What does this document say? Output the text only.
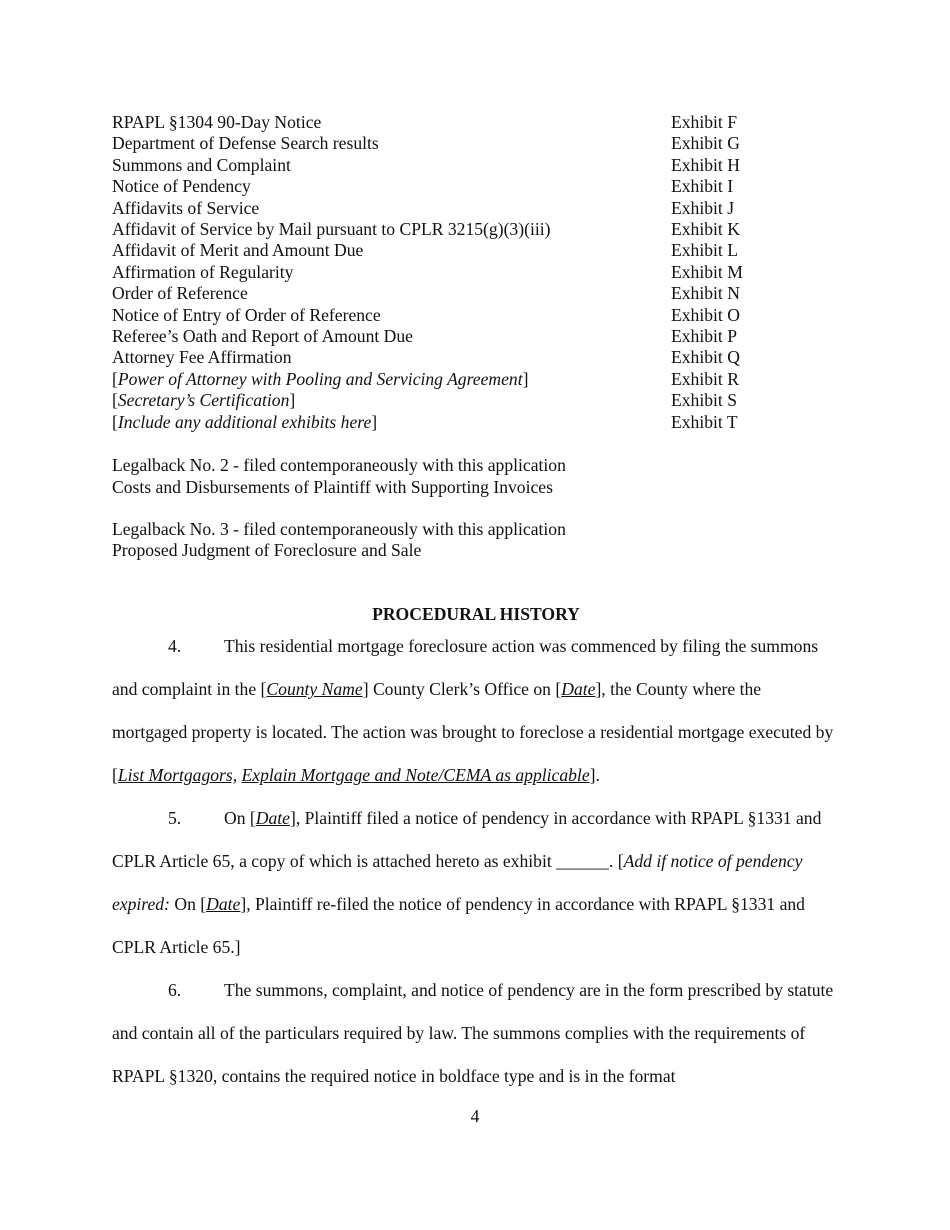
RPAPL §1304 90-Day Notice	Exhibit F
Department of Defense Search results	Exhibit G
Summons and Complaint	Exhibit H
Notice of Pendency	Exhibit I
Affidavits of Service	Exhibit J
Affidavit of Service by Mail pursuant to CPLR 3215(g)(3)(iii)	Exhibit K
Affidavit of Merit and Amount Due	Exhibit L
Affirmation of Regularity	Exhibit M
Order of Reference	Exhibit N
Notice of Entry of Order of Reference	Exhibit O
Referee’s Oath and Report of Amount Due	Exhibit P
Attorney Fee Affirmation	Exhibit Q
[Power of Attorney with Pooling and Servicing Agreement]	Exhibit R
[Secretary’s Certification]	Exhibit S
[Include any additional exhibits here]	Exhibit T
Legalback No. 2 - filed contemporaneously with this application
Costs and Disbursements of Plaintiff with Supporting Invoices
Legalback No. 3 - filed contemporaneously with this application
Proposed Judgment of Foreclosure and Sale
PROCEDURAL HISTORY

4. This residential mortgage foreclosure action was commenced by filing the summons and complaint in the [County Name] County Clerk’s Office on [Date], the County where the mortgaged property is located. The action was brought to foreclose a residential mortgage executed by [List Mortgagors, Explain Mortgage and Note/CEMA as applicable].

5. On [Date], Plaintiff filed a notice of pendency in accordance with RPAPL §1331 and CPLR Article 65, a copy of which is attached hereto as exhibit ______. [Add if notice of pendency expired: On [Date], Plaintiff re-filed the notice of pendency in accordance with RPAPL §1331 and CPLR Article 65.]

6. The summons, complaint, and notice of pendency are in the form prescribed by statute and contain all of the particulars required by law. The summons complies with the requirements of RPAPL §1320, contains the required notice in boldface type and is in the format

4
